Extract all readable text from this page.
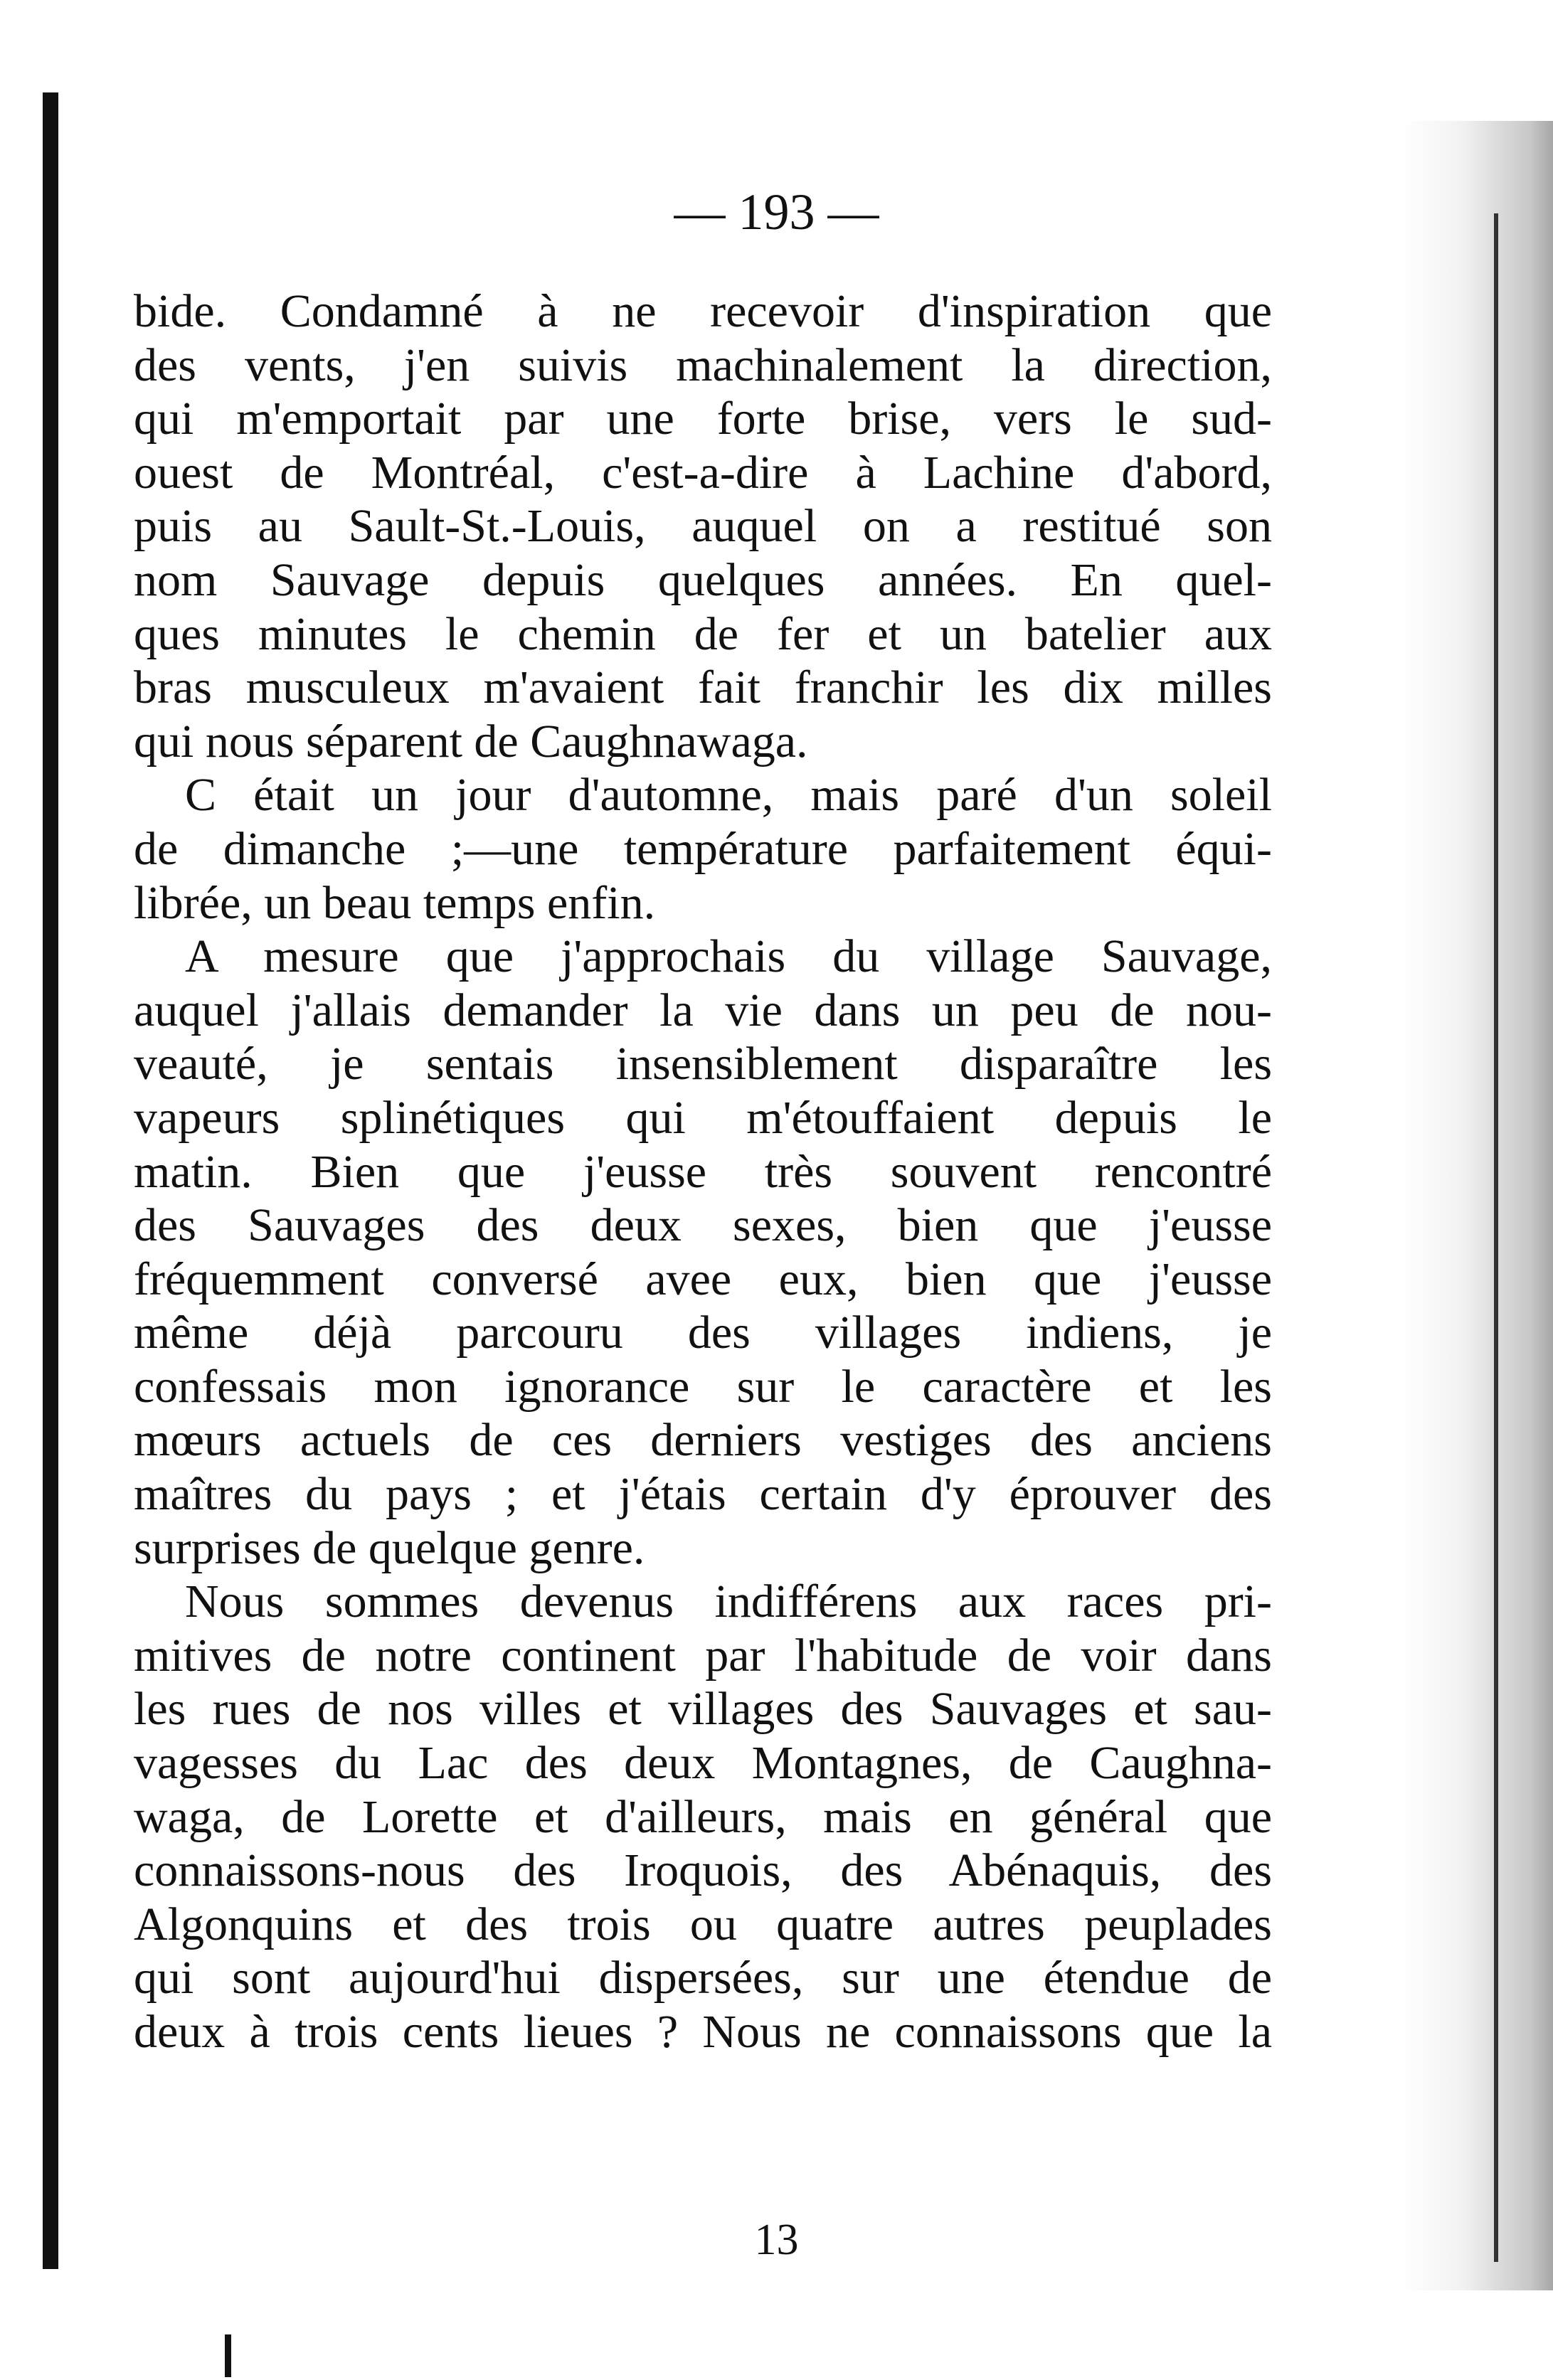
— 193 —
bide. Condamné à ne recevoir d'inspiration que
des vents, j'en suivis machinalement la direction,
qui m'emportait par une forte brise, vers le sud-
ouest de Montréal, c'est-a-dire à Lachine d'abord,
puis au Sault-St.-Louis, auquel on a restitué son
nom Sauvage depuis quelques années. En quel-
ques minutes le chemin de fer et un batelier aux
bras musculeux m'avaient fait franchir les dix milles
qui nous séparent de Caughnawaga.
C était un jour d'automne, mais paré d'un soleil
de dimanche ;—une température parfaitement équi-
librée, un beau temps enfin.
A mesure que j'approchais du village Sauvage,
auquel j'allais demander la vie dans un peu de nou-
veauté, je sentais insensiblement disparaître les
vapeurs splinétiques qui m'étouffaient depuis le
matin. Bien que j'eusse très souvent rencontré
des Sauvages des deux sexes, bien que j'eusse
fréquemment conversé avee eux, bien que j'eusse
même déjà parcouru des villages indiens, je
confessais mon ignorance sur le caractère et les
mœurs actuels de ces derniers vestiges des anciens
maîtres du pays ; et j'étais certain d'y éprouver des
surprises de quelque genre.
Nous sommes devenus indifférens aux races pri-
mitives de notre continent par l'habitude de voir dans
les rues de nos villes et villages des Sauvages et sau-
vagesses du Lac des deux Montagnes, de Caughna-
waga, de Lorette et d'ailleurs, mais en général que
connaissons-nous des Iroquois, des Abénaquis, des
Algonquins et des trois ou quatre autres peuplades
qui sont aujourd'hui dispersées, sur une étendue de
deux à trois cents lieues ? Nous ne connaissons que la
13
